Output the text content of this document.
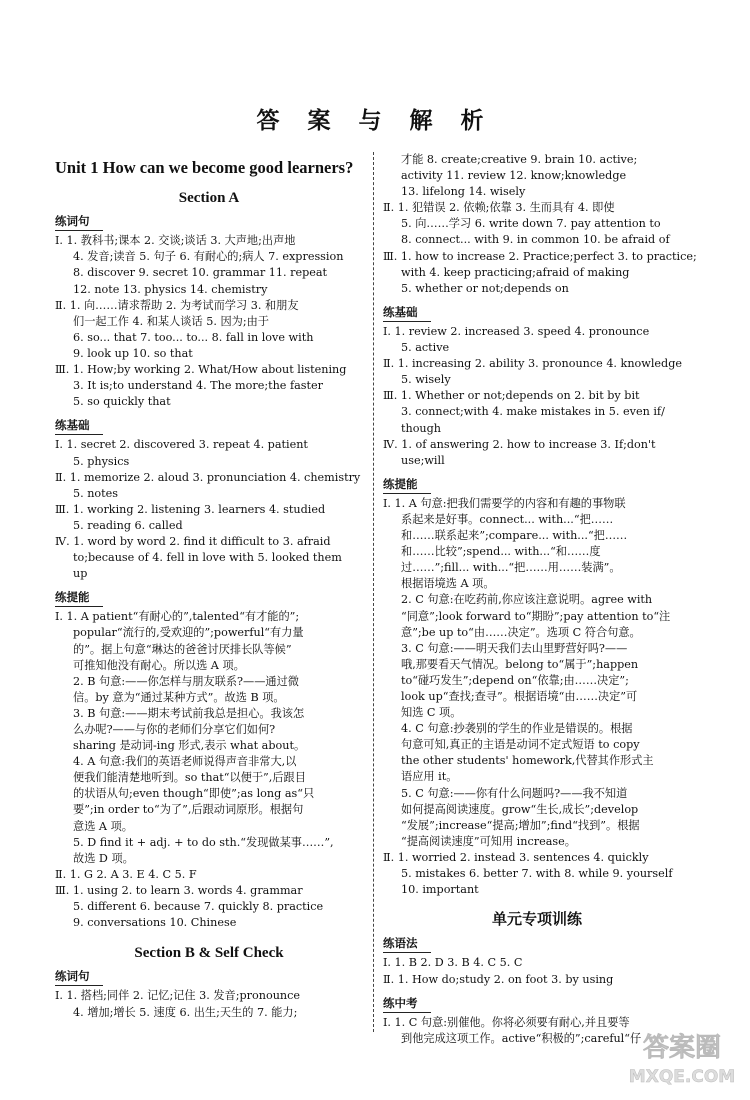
答 案 与 解 析
Unit 1 How can we become good learners?
Section A
练词句
Ⅰ. 1. 教科书;课本 2. 交谈;谈话 3. 大声地;出声地
4. 发音;读音 5. 句子 6. 有耐心的;病人 7. expression
8. discover 9. secret 10. grammar 11. repeat
12. note 13. physics 14. chemistry
Ⅱ. 1. 向……请求帮助 2. 为考试而学习 3. 和朋友
们一起工作 4. 和某人谈话 5. 因为;由于
6. so... that 7. too... to... 8. fall in love with
9. look up 10. so that
Ⅲ. 1. How;by working 2. What/How about listening
3. It is;to understand 4. The more;the faster
5. so quickly that
练基础
Ⅰ. 1. secret 2. discovered 3. repeat 4. patient
5. physics
Ⅱ. 1. memorize 2. aloud 3. pronunciation 4. chemistry
5. notes
Ⅲ. 1. working 2. listening 3. learners 4. studied
5. reading 6. called
Ⅳ. 1. word by word 2. find it difficult to 3. afraid
to;because of 4. fell in love with 5. looked them
up
练提能
Ⅰ. 1. A patient“有耐心的”,talented“有才能的”;
popular“流行的,受欢迎的”;powerful“有力量
的”。据上句意“琳达的爸爸讨厌排长队等候”
可推知他没有耐心。所以选 A 项。
2. B 句意:——你怎样与朋友联系?——通过微
信。by 意为“通过某种方式”。故选 B 项。
3. B 句意:——期末考试前我总是担心。我该怎
么办呢?——与你的老师们分享它们如何?
sharing 是动词-ing 形式,表示 what about。
4. A 句意:我们的英语老师说得声音非常大,以
便我们能清楚地听到。so that“以便于”,后跟目
的状语从句;even though“即使”;as long as“只
要”;in order to“为了”,后跟动词原形。根据句
意选 A 项。
5. D find it + adj. + to do sth.“发现做某事……”,
故选 D 项。
Ⅱ. 1. G 2. A 3. E 4. C 5. F
Ⅲ. 1. using 2. to learn 3. words 4. grammar
5. different 6. because 7. quickly 8. practice
9. conversations 10. Chinese
Section B & Self Check
练词句
Ⅰ. 1. 搭档;同伴 2. 记忆;记住 3. 发音;pronounce
4. 增加;增长 5. 速度 6. 出生;天生的 7. 能力;
才能 8. create;creative 9. brain 10. active;
activity 11. review 12. know;knowledge
13. lifelong 14. wisely
Ⅱ. 1. 犯错误 2. 依赖;依靠 3. 生而具有 4. 即使
5. 向……学习 6. write down 7. pay attention to
8. connect... with 9. in common 10. be afraid of
Ⅲ. 1. how to increase 2. Practice;perfect 3. to practice;
with 4. keep practicing;afraid of making
5. whether or not;depends on
练基础
Ⅰ. 1. review 2. increased 3. speed 4. pronounce
5. active
Ⅱ. 1. increasing 2. ability 3. pronounce 4. knowledge
5. wisely
Ⅲ. 1. Whether or not;depends on 2. bit by bit
3. connect;with 4. make mistakes in 5. even if/
though
Ⅳ. 1. of answering 2. how to increase 3. If;don't
use;will
练提能
Ⅰ. 1. A 句意:把我们需要学的内容和有趣的事物联
系起来是好事。connect... with...“把……
和……联系起来”;compare... with...“把……
和……比较”;spend... with...“和……度
过……”;fill... with...“把……用……装满”。
根据语境选 A 项。
2. C 句意:在吃药前,你应该注意说明。agree with
“同意”;look forward to“期盼”;pay attention to“注
意”;be up to“由……决定”。选项 C 符合句意。
3. C 句意:——明天我们去山里野营好吗?——
哦,那要看天气情况。belong to“属于”;happen
to“碰巧发生”;depend on“依靠;由……决定”;
look up“查找;查寻”。根据语境“由……决定”可
知选 C 项。
4. C 句意:抄袭别的学生的作业是错误的。根据
句意可知,真正的主语是动词不定式短语 to copy
the other students' homework,代替其作形式主
语应用 it。
5. C 句意:——你有什么问题吗?——我不知道
如何提高阅读速度。grow“生长,成长”;develop
“发展”;increase“提高;增加”;find“找到”。根据
“提高阅读速度”可知用 increase。
Ⅱ. 1. worried 2. instead 3. sentences 4. quickly
5. mistakes 6. better 7. with 8. while 9. yourself
10. important
单元专项训练
练语法
Ⅰ. 1. B 2. D 3. B 4. C 5. C
Ⅱ. 1. How do;study 2. on foot 3. by using
练中考
Ⅰ. 1. C 句意:别催他。你将必须要有耐心,并且要等
到他完成这项工作。active“积极的”;careful“仔 答案圈
MXQE.COM
